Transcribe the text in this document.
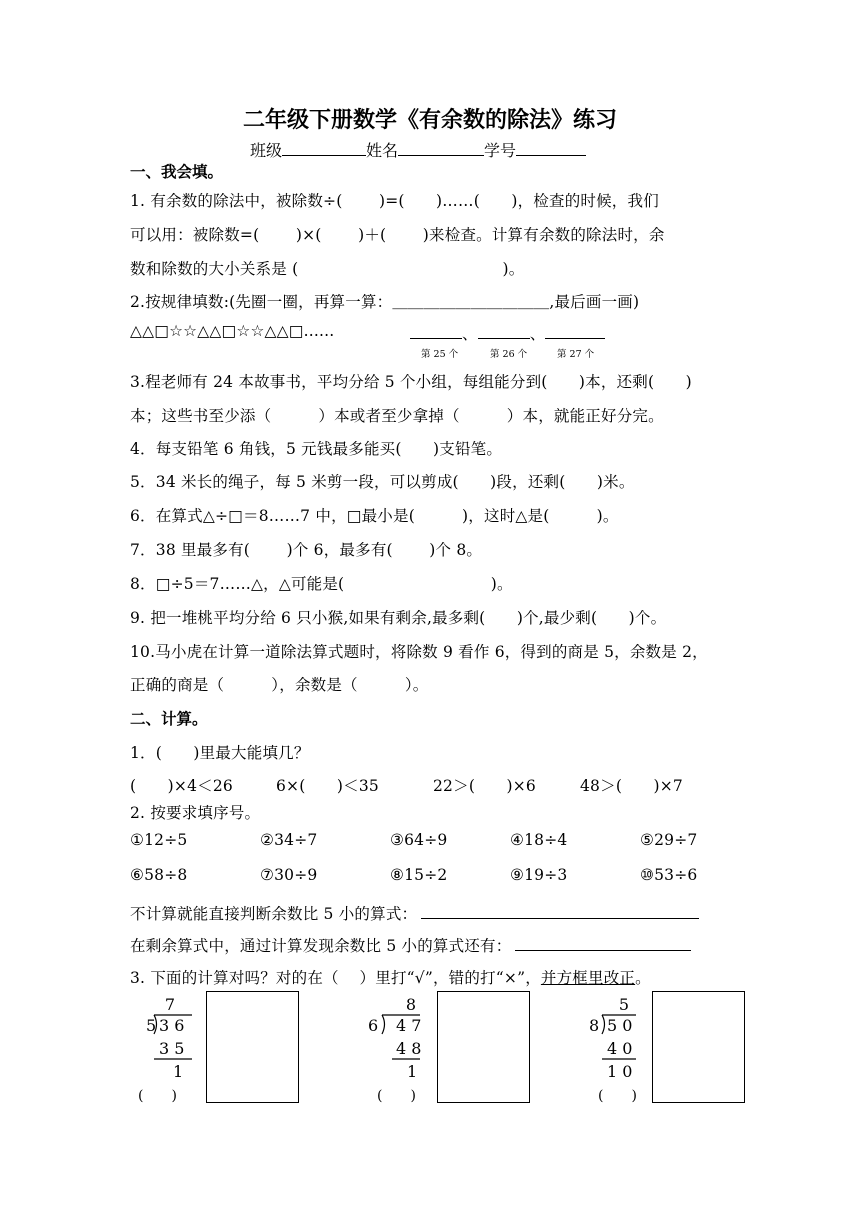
二年级下册数学《有余数的除法》练习
班级	姓名	学号
一、我会填。
1. 有余数的除法中，被除数÷(　　 )=(　　)……(　　)，检查的时候，我们
可以用：被除数=(　　 )×(　　 )＋(　　 )来检查。计算有余数的除法时，余
数和除数的大小关系是 (　　　　　　　　　　　　　)。
2.按规律填数:(先圈一圈，再算一算：＿＿＿＿＿＿＿＿＿＿,最后画一画)
△△□☆☆△△□☆☆△△□......	、	、
第 25 个	第 26 个	第 27 个
3.程老师有 24 本故事书，平均分给 5 个小组，每组能分到(　　)本，还剩(　　)
本；这些书至少添（　　　）本或者至少拿掉（　　　）本，就能正好分完。
4．每支铅笔 6 角钱，5 元钱最多能买(　　)支铅笔。
5．34 米长的绳子，每 5 米剪一段，可以剪成(　　)段，还剩(　　)米。
6．在算式△÷□＝8……7 中，□最小是(　　　)，这时△是(　　　)。
7．38 里最多有(　　 )个 6，最多有(　　 )个 8。
8．□÷5＝7……△，△可能是(　　　　　　　　　 )。
9. 把一堆桃平均分给 6 只小猴,如果有剩余,最多剩(　　)个,最少剩(　　)个。
10.马小虎在计算一道除法算式题时，将除数 9 看作 6，得到的商是 5，余数是 2，
正确的商是（　　　），余数是（　　　）。
二、计算。
1．(　　)里最大能填几？
(　　)×4＜26	6×(　　)＜35	22＞(　　)×6	48＞(　　)×7
2. 按要求填序号。
①12÷5	②34÷7	③64÷9	④18÷4	⑤29÷7
⑥58÷8	⑦30÷9	⑧15÷2	⑨19÷3	⑩53÷6
不计算就能直接判断余数比 5 小的算式：
在剩余算式中，通过计算发现余数比 5 小的算式还有：
3. 下面的计算对吗？对的在（　 ）里打“√”，错的打“×”，并方框里改正。
7
5 3 6
3 5
1
(　　)
8
6 4 7
4 8
1
(　　)
5
8 5 0
4 0
1 0
(　　)
